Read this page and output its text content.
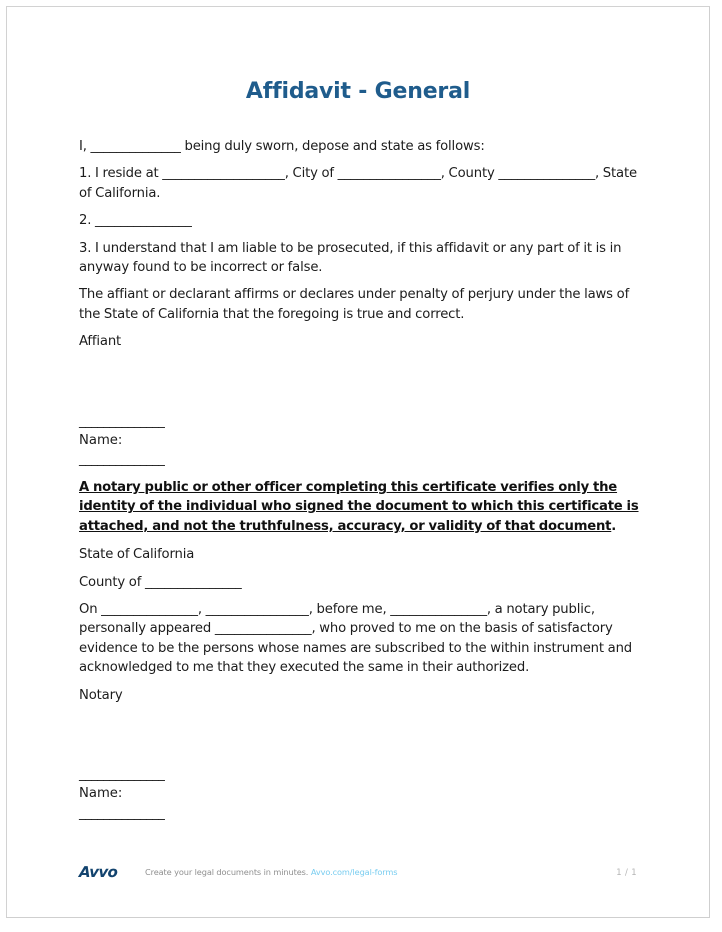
Affidavit - General

I, ______________ being duly sworn, depose and state as follows:

1. I reside at ___________________, City of ________________, County _______________, State of California.

2. _______________

3. I understand that I am liable to be prosecuted, if this affidavit or any part of it is in anyway found to be incorrect or false.

The affiant or declarant affirms or declares under penalty of perjury under the laws of the State of California that the foregoing is true and correct.

Affiant

______________

Name:

______________

A notary public or other officer completing this certificate verifies only the identity of the individual who signed the document to which this certificate is attached, and not the truthfulness, accuracy, or validity of that document.

State of California

County of _______________

On _______________, ________________, before me, _______________, a notary public, personally appeared _______________, who proved to me on the basis of satisfactory evidence to be the persons whose names are subscribed to the within instrument and acknowledged to me that they executed the same in their authorized.

Notary

______________

Name:

______________

Avvo	Create your legal documents in minutes. Avvo.com/legal-forms	1 / 1
